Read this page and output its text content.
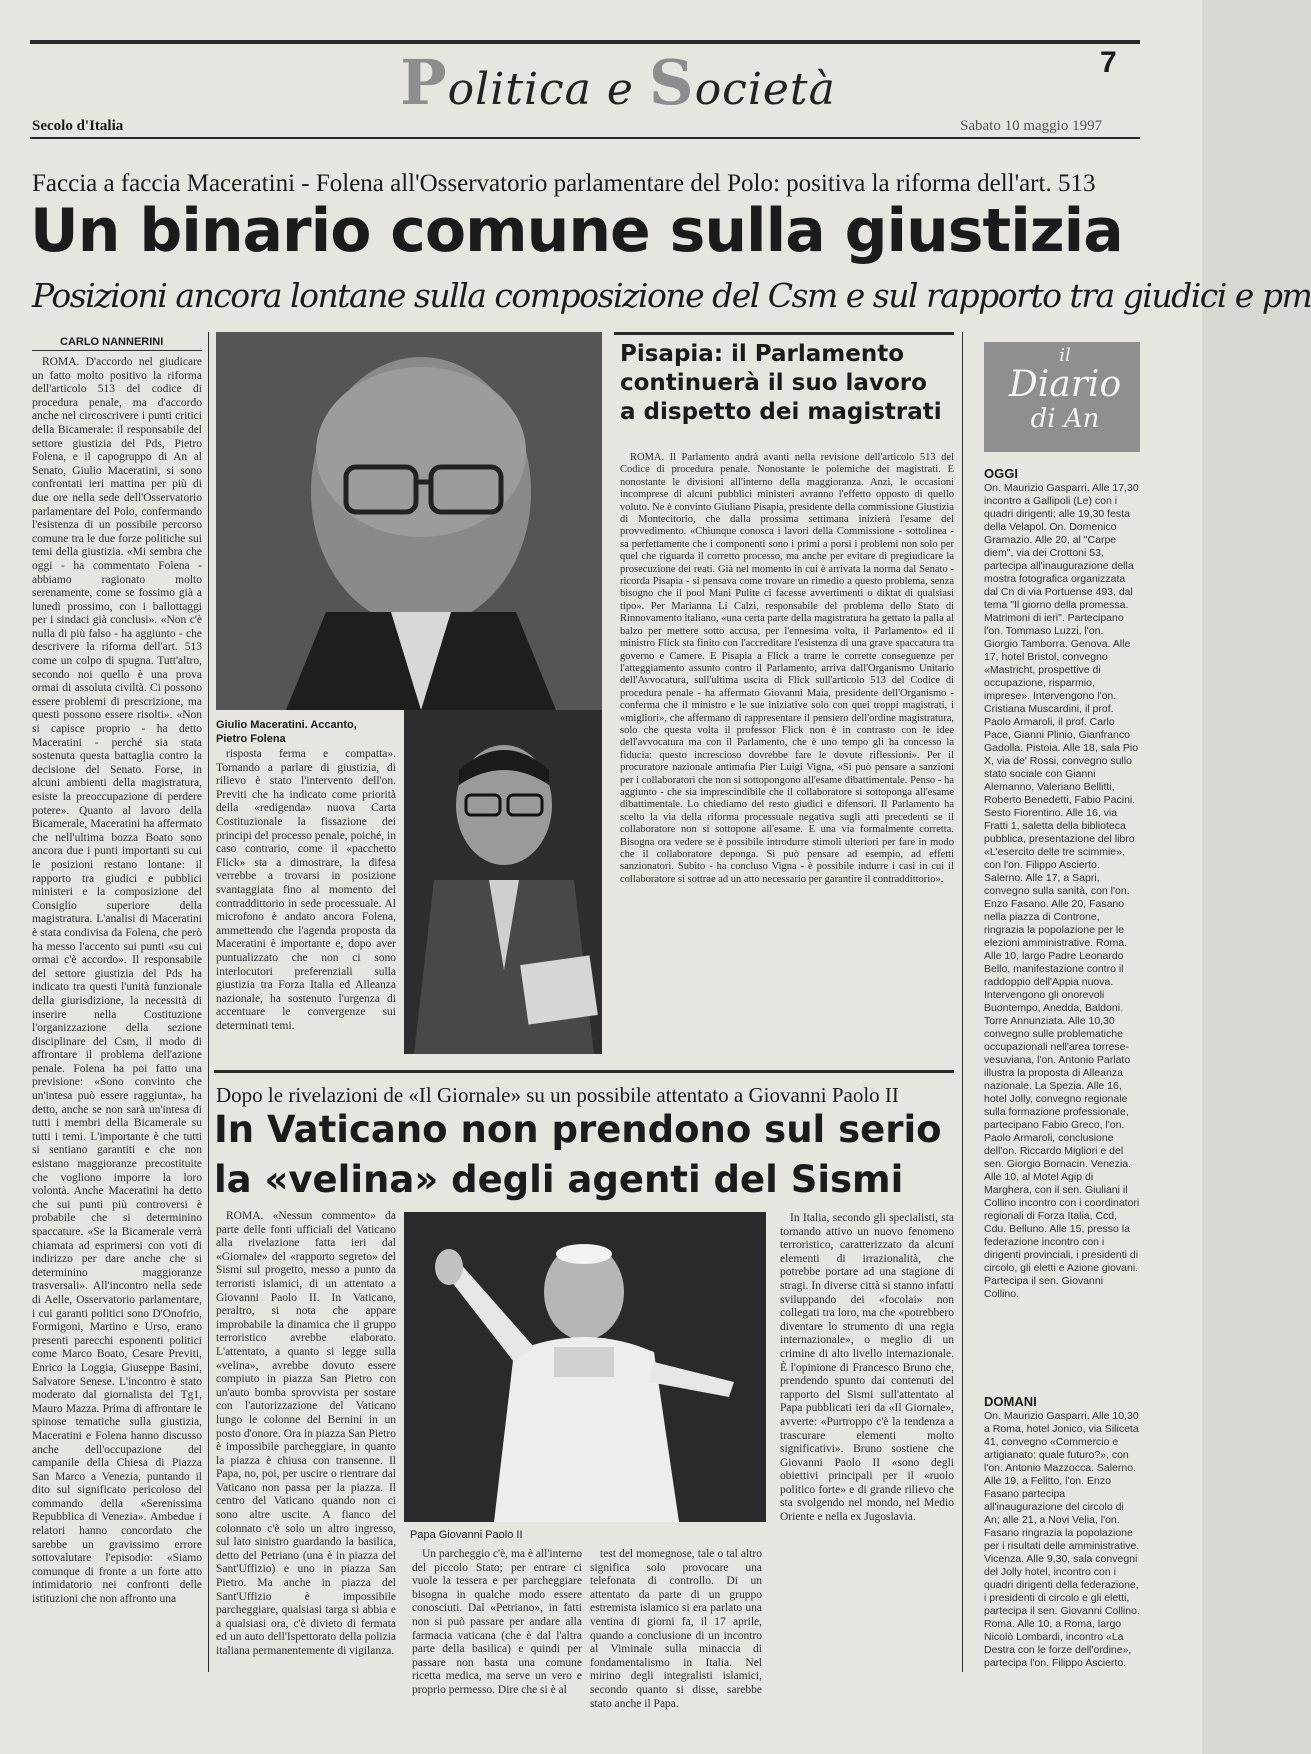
Politica e Società
7
Secolo d'Italia	Sabato 10 maggio 1997
Faccia a faccia Maceratini - Folena all'Osservatorio parlamentare del Polo: positiva la riforma dell'art. 513
Un binario comune sulla giustizia
Posizioni ancora lontane sulla composizione del Csm e sul rapporto tra giudici e pm
CARLO NANNERINI

ROMA. D'accordo nel giudicare un fatto molto positivo la riforma dell'articolo 513 del codice di procedura penale, ma d'accordo anche nel circoscrivere i punti critici della Bicamerale: il responsabile del settore giustizia del Pds, Pietro Folena, e il capogruppo di An al Senato, Giulio Maceratini, si sono confrontati ieri mattina per più di due ore nella sede dell'Osservatorio parlamentare del Polo, confermando l'esistenza di un possibile percorso comune tra le due forze politiche sui temi della giustizia. «Mi sembra che oggi - ha commentato Folena - abbiamo ragionato molto serenamente, come se fossimo già a lunedì prossimo, con i ballottaggi per i sindaci già conclusi». «Non c'è nulla di più falso - ha aggiunto - che descrivere la riforma dell'art. 513 come un colpo di spugna. Tutt'altro, secondo noi quello è una prova ormai di assoluta civiltà. Ci possono essere problemi di prescrizione, ma questi possono essere risolti». «Non si capisce proprio - ha detto Maceratini - perché sia stata sostenuta questa battaglia contro la decisione del Senato. Forse, in alcuni ambienti della magistratura, esiste la preoccupazione di perdere potere». Quanto al lavoro della Bicamerale, Maceratini ha affermato che nell'ultima bozza Boato sono ancora due i punti importanti su cui le posizioni restano lontane: il rapporto tra giudici e pubblici ministeri e la composizione del Consiglio superiore della magistratura. L'analisi di Maceratini è stata condivisa da Folena, che però ha messo l'accento sui punti «su cui ormai c'è accordo». Il responsabile del settore giustizia del Pds ha indicato tra questi l'unità funzionale della giurisdizione, la necessità di inserire nella Costituzione l'organizzazione della sezione disciplinare del Csm, il modo di affrontare il problema dell'azione penale. Folena ha poi fatto una previsione: «Sono convinto che un'intesa può essere raggiunta», ha detto, anche se non sarà un'intesa di tutti i membri della Bicamerale su tutti i temi. L'importante è che tutti si sentiano garantiti e che non esistano maggioranze precostituite che vogliono imporre la loro volontà. Anche Maceratini ha detto che sui punti più controversi è probabile che si determinino spaccature. «Se la Bicamerale verrà chiamata ad esprimersi con voti di indirizzo per dare anche che si determinino maggioranze trasversali». All'incontro nella sede di Aelle, Osservatorio parlamentare, i cui garanti politici sono D'Onofrio, Formigoni, Martino e Urso, erano presenti parecchi esponenti politici come Marco Boato, Cesare Previti, Enrico la Loggia, Giuseppe Basini, Salvatore Senese. L'incontro è stato moderato dal giornalista del Tg1, Mauro Mazza. Prima di affrontare le spinose tematiche sulla giustizia, Maceratini e Folena hanno discusso anche dell'occupazione del campanile della Chiesa di Piazza San Marco a Venezia, puntando il dito sul significato pericoloso del commando della «Serenissima Repubblica di Venezia». Ambedue i relatori hanno concordato che sarebbe un gravissimo errore sottovalutare l'episodio: «Siamo comunque di fronte a un forte atto intimidatorio nei confronti delle istituzioni che non affronto una

Giulio Maceratini. Accanto, Pietro Folena

risposta ferma e compatta». Tornando a parlare di giustizia, di rilievo è stato l'intervento dell'on. Previti che ha indicato come priorità della «redigenda» nuova Carta Costituzionale la fissazione dei principi del processo penale, poiché, in caso contrario, come il «pacchetto Flick» sta a dimostrare, la difesa verrebbe a trovarsi in posizione svantaggiata fino al momento del contraddittorio in sede processuale. Al microfono è andato ancora Folena, ammettendo che l'agenda proposta da Maceratini è importante e, dopo aver puntualizzato che non ci sono interlocutori preferenziali sulla giustizia tra Forza Italia ed Alleanza nazionale, ha sostenuto l'urgenza di accentuare le convergenze sui determinati temi.

Pisapia: il Parlamento continuerà il suo lavoro a dispetto dei magistrati

ROMA. Il Parlamento andrà avanti nella revisione dell'articolo 513 del Codice di procedura penale. Nonostante le polemiche dei magistrati. E nonostante le divisioni all'interno della maggioranza. Anzi, le occasioni incomprese di alcuni pubblici ministeri avranno l'effetto opposto di quello voluto. Ne è convinto Giuliano Pisapia, presidente della commissione Giustizia di Montecitorio, che dalla prossima settimana inizierà l'esame del provvedimento. «Chiunque conosca i lavori della Commissione - sottolinea - sa perfettamente che i componenti sono i primi a porsi i problemi non solo per quel che riguarda il corretto processo, ma anche per evitare di pregiudicare la prosecuzione dei reati. Già nel momento in cui è arrivata la norma dal Senato - ricorda Pisapia - si pensava come trovare un rimedio a questo problema, senza bisogno che il pool Mani Pulite ci facesse avvertimenti o diktat di qualsiasi tipo». Per Marianna Li Calzi, responsabile del problema dello Stato di Rinnovamento italiano, «una certa parte della magistratura ha gettato la palla al balzo per mettere sotto accusa, per l'ennesima volta, il Parlamento» ed il ministro Flick sta finito con l'accreditare l'esistenza di una grave spaccatura tra governo e Camere. E Pisapia a Flick a trarre le corrette conseguenze per l'atteggiamento assunto contro il Parlamento, arriva dall'Organismo Unitario dell'Avvocatura, sull'ultima uscita di Flick sull'articolo 513 del Codice di procedura penale - ha affermato Giovanni Maia, presidente dell'Organismo - conferma che il ministro e le sue iniziative solo con quei troppi magistrati, i «migliori», che affermano di rappresentare il pensiero dell'ordine magistratura, solo che questa volta il professor Flick non è in contrasto con le idee dell'avvocatura ma con il Parlamento, che è uno tempo gli ha concesso la fiducia: questo increscioso dovrebbe fare le dovute riflessioni». Per il procuratore nazionale antimafia Pier Luigi Vigna, «Si può pensare a sanzioni per i collaboratori che non si sottopongono all'esame dibattimentale. Penso - ha aggiunto - che sia imprescindibile che il collaboratore si sottoponga all'esame dibattimentale. Lo chiediamo del resto giudici e difensori. Il Parlamento ha scelto la via della riforma processuale negativa sugli atti precedenti se il collaboratore non si sottopone all'esame. E una via formalmente corretta. Bisogna ora vedere se è possibile introdurre stimoli ulteriori per fare in modo che il collaboratore deponga. Si può pensare ad esempio, ad effetti sanzionatori. Subito - ha concluso Vigna - è possibile indurre i casi in cui il collaboratore si sottrae ad un atto necessario per garantire il contraddittorio».

Dopo le rivelazioni de «Il Giornale» su un possibile attentato a Giovanni Paolo II
In Vaticano non prendono sul serio
la «velina» degli agenti del Sismi

ROMA. «Nessun commento» da parte delle fonti ufficiali del Vaticano alla rivelazione fatta ieri dal «Giornale» del «rapporto segreto» del Sismi sul progetto, messo a punto da terroristi islamici, di un attentato a Giovanni Paolo II. In Vaticano, peraltro, si nota che appare improbabile la dinamica che il gruppo terroristico avrebbe elaborato. L'attentato, a quanto si legge sulla «velina», avrebbe dovuto essere compiuto in piazza San Pietro con un'auto bomba sprovvista per sostare con l'autorizzazione del Vaticano lungo le colonne del Bernini in un posto d'onore. Ora in piazza San Pietro è impossibile parcheggiare, in quanto la piazza è chiusa con transenne. Il Papa, no, poi, per uscire o rientrare dal Vaticano non passa per la piazza. Il centro del Vaticano quando non ci sono altre uscite. A fianco del colonnato c'è solo un altro ingresso, sul lato sinistro guardando la basilica, detto del Petriano (una è in piazza del Sant'Uffizio) e uno in piazza San Pietro. Ma anche in piazza del Sant'Uffizio è impossibile parcheggiare, qualsiasi targa si abbia e a qualsiasi ora, c'è divieto di fermata ed un auto dell'Ispettorato della polizia italiana permanentemente di vigilanza.

Papa Giovanni Paolo II

Un parcheggio c'è, ma è all'interno del piccolo Stato; per entrare ci vuole la tessera e per parcheggiare bisogna in qualche modo essere conosciuti. Dal «Petriano», in fatti non si può passare per andare alla farmacia vaticana (che è dal l'altra parte della basilica) e quindi per passare non basta una comune ricetta medica, ma serve un vero e proprio permesso. Dire che si è al

test del momegnose, tale o tal altro significa solo provocare una telefonata di controllo. Di un attentato da parte di un gruppo estremista islamico si era parlato una ventina di giorni fa, il 17 aprile, quando a conclusione di un incontro al Viminale sulla minaccia di fondamentalismo in Italia. Nel mirino degli integralisti islamici, secondo quanto si disse, sarebbe stato anche il Papa.

In Italia, secondo gli specialisti, sta tornando attivo un nuovo fenomeno terroristico, caratterizzato da alcuni elementi di irrazionalità, che potrebbe portare ad una stagione di stragi. In diverse città si stanno infatti sviluppando dei «focolai» non collegati tra loro, ma che «potrebbero diventare lo strumento di una regia internazionale», o meglio di un crimine di alto livello internazionale. È l'opinione di Francesco Bruno che, prendendo spunto dai contenuti del rapporto del Sismi sull'attentato al Papa pubblicati ieri da «Il Giornale», avverte: «Purtroppo c'è la tendenza a trascurare elementi molto significativi». Bruno sostiene che Giovanni Paolo II «sono degli obiettivi principali per il «ruolo politico forte» e di grande rilievo che sta svolgendo nel mondo, nel Medio Oriente e nella ex Jugoslavia.

il
Diario
di An
OGGI

On. Maurizio Gasparri. Alle 17,30 incontro a Gallipoli (Le) con i quadri dirigenti; alle 19,30 festa della Velapol. On. Domenico Gramazio. Alle 20, al "Carpe diem", via dei Crottoni 53, partecipa all'inaugurazione della mostra fotografica organizzata dal Cn di via Portuense 493, dal tema "Il giorno della promessa. Matrimoni di ieri". Partecipano l'on. Tommaso Luzzi, l'on. Giorgio Tamborra. Genova. Alle 17, hotel Bristol, convegno «Mastricht, prospettive di occupazione, risparmio, imprese». Intervengono l'on. Cristiana Muscardini, il prof. Paolo Armaroli, il prof. Carlo Pace, Gianni Plinio, Gianfranco Gadolla. Pistoia. Alle 18, sala Pio X, via de' Rossi, convegno sullo stato sociale con Gianni Alemanno, Valeriano Bellitti, Roberto Benedetti, Fabio Pacini. Sesto Fiorentino. Alle 16, via Fratti 1, saletta della biblioteca pubblica, presentazione del libro «L'esercito delle tre scimmie», con l'on. Filippo Ascierto. Salerno. Alle 17, a Sapri, convegno sulla sanità, con l'on. Enzo Fasano. Alle 20, Fasano nella piazza di Controne, ringrazia la popolazione per le elezioni amministrative. Roma. Alle 10, largo Padre Leonardo Bello, manifestazione contro il raddoppio dell'Appia nuova. Intervengono gli onorevoli Buontempo, Anedda, Baldoni. Torre Annunziata. Alle 10,30 convegno sulle problematiche occupazionali nell'area torrese-vesuviana, l'on. Antonio Parlato illustra la proposta di Alleanza nazionale. La Spezia. Alle 16, hotel Jolly, convegno regionale sulla formazione professionale, partecipano Fabio Greco, l'on. Paolo Armaroli, conclusione dell'on. Riccardo Migliori e del sen. Giorgio Bornacin. Venezia. Alle 10, al Motel Agip di Marghera, con il sen. Giuliani il Collino incontro con i coordinatori regionali di Forza Italia, Ccd, Cdu. Belluno. Alle 15, presso la federazione incontro con i dirigenti provinciali, i presidenti di circolo, gli eletti e Azione giovani. Partecipa il sen. Giovanni Collino.

DOMANI

On. Maurizio Gasparri. Alle 10,30 a Roma, hotel Jonico, via Siliceta 41, convegno «Commercio e artigianato: quale futuro?», con l'on. Antonio Mazzocca. Salerno. Alle 19, a Felitto, l'on. Enzo Fasano partecipa all'inaugurazione del circolo di An; alle 21, a Novi Velia, l'on. Fasano ringrazia la popolazione per i risultati delle amministrative. Vicenza. Alle 9,30, sala convegni del Jolly hotel, incontro con i quadri dirigenti della federazione, i presidenti di circolo e gli eletti, partecipa il sen. Giovanni Collino. Roma. Alle 10, a Roma, largo Nicolò Lombardi, incontro «La Destra con le forze dell'ordine», partecipa l'on. Filippo Ascierto.
